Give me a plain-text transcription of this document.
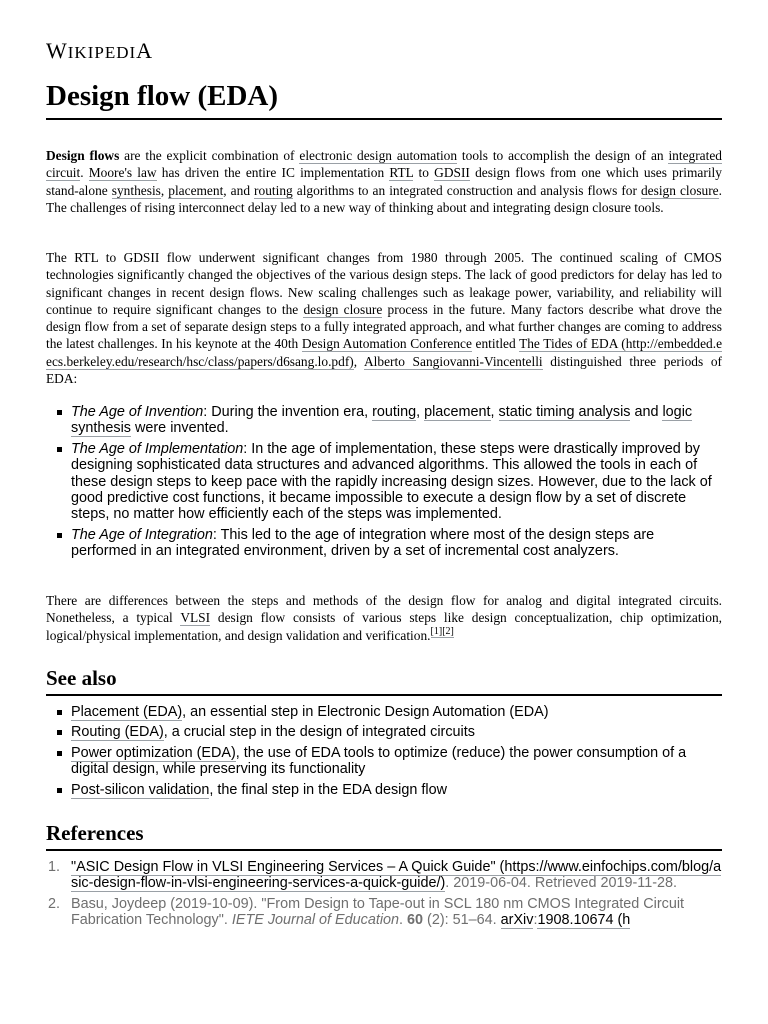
WIKIPEDIA
Design flow (EDA)

Design flows are the explicit combination of electronic design automation tools to accomplish the design of an integrated circuit. Moore's law has driven the entire IC implementation RTL to GDSII design flows from one which uses primarily stand-alone synthesis, placement, and routing algorithms to an integrated construction and analysis flows for design closure. The challenges of rising interconnect delay led to a new way of thinking about and integrating design closure tools.

The RTL to GDSII flow underwent significant changes from 1980 through 2005. The continued scaling of CMOS technologies significantly changed the objectives of the various design steps. The lack of good predictors for delay has led to significant changes in recent design flows. New scaling challenges such as leakage power, variability, and reliability will continue to require significant changes to the design closure process in the future. Many factors describe what drove the design flow from a set of separate design steps to a fully integrated approach, and what further changes are coming to address the latest challenges. In his keynote at the 40th Design Automation Conference entitled The Tides of EDA (http://embedded.eecs.berkeley.edu/research/hsc/class/papers/d6sang.lo.pdf), Alberto Sangiovanni-Vincentelli distinguished three periods of EDA:

The Age of Invention: During the invention era, routing, placement, static timing analysis and logic synthesis were invented.
The Age of Implementation: In the age of implementation, these steps were drastically improved by designing sophisticated data structures and advanced algorithms. This allowed the tools in each of these design steps to keep pace with the rapidly increasing design sizes. However, due to the lack of good predictive cost functions, it became impossible to execute a design flow by a set of discrete steps, no matter how efficiently each of the steps was implemented.
The Age of Integration: This led to the age of integration where most of the design steps are performed in an integrated environment, driven by a set of incremental cost analyzers.

There are differences between the steps and methods of the design flow for analog and digital integrated circuits. Nonetheless, a typical VLSI design flow consists of various steps like design conceptualization, chip optimization, logical/physical implementation, and design validation and verification.[1][2]

See also
Placement (EDA), an essential step in Electronic Design Automation (EDA)
Routing (EDA), a crucial step in the design of integrated circuits
Power optimization (EDA), the use of EDA tools to optimize (reduce) the power consumption of a digital design, while preserving its functionality
Post-silicon validation, the final step in the EDA design flow
References
1. "ASIC Design Flow in VLSI Engineering Services – A Quick Guide" (https://www.einfochips.com/blog/asic-design-flow-in-vlsi-engineering-services-a-quick-guide/). 2019-06-04. Retrieved 2019-11-28.
2. Basu, Joydeep (2019-10-09). "From Design to Tape-out in SCL 180 nm CMOS Integrated Circuit Fabrication Technology". IETE Journal of Education. 60 (2): 51–64. arXiv:1908.10674 (h
